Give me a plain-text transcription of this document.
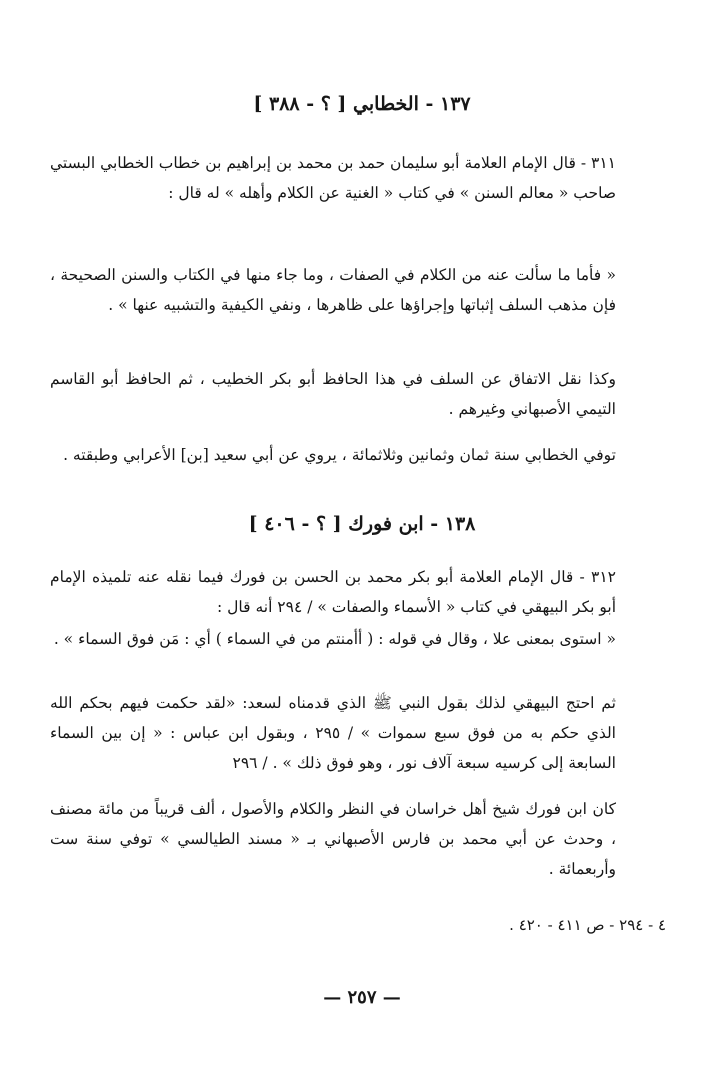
١٣٧ - الخطابي [ ؟ - ٣٨٨ ]

٣١١ - قال الإمام العلامة أبو سليمان حمد بن محمد بن إبراهيم بن خطاب الخطابي البستي صاحب « معالم السنن » في كتاب « الغنية عن الكلام وأهله » له قال :

« فأما ما سألت عنه من الكلام في الصفات ، وما جاء منها في الكتاب والسنن الصحيحة ، فإن مذهب السلف إثباتها وإجراؤها على ظاهرها ، ونفي الكيفية والتشبيه عنها » .

وكذا نقل الاتفاق عن السلف في هذا الحافظ أبو بكر الخطيب ، ثم الحافظ أبو القاسم التيمي الأصبهاني وغيرهم .

توفي الخطابي سنة ثمان وثمانين وثلاثمائة ، يروي عن أبي سعيد [بن] الأعرابي وطبقته .

١٣٨ - ابن فورك [ ؟ - ٤٠٦ ]

٣١٢ - قال الإمام العلامة أبو بكر محمد بن الحسن بن فورك فيما نقله عنه تلميذه الإمام أبو بكر البيهقي في كتاب « الأسماء والصفات » / ٢٩٤ أنه قال :

« استوى بمعنى علا ، وقال في قوله : ( أأمنتم من في السماء ) أي : مَن فوق السماء » .

ثم احتج البيهقي لذلك بقول النبي ﷺ الذي قدمناه لسعد: «لقد حكمت فيهم بحكم الله الذي حكم به من فوق سبع سموات » / ٢٩٥ ، وبقول ابن عباس : « إن بين السماء السابعة إلى كرسيه سبعة آلاف نور ، وهو فوق ذلك » . / ٢٩٦

كان ابن فورك شيخ أهل خراسان في النظر والكلام والأصول ، ألف قريباً من مائة مصنف ، وحدث عن أبي محمد بن فارس الأصبهاني بـ « مسند الطيالسي » توفي سنة ست وأربعمائة .

٤ - ٢٩٤ - ص ٤١١ - ٤٢٠ .
— ٢٥٧ —
